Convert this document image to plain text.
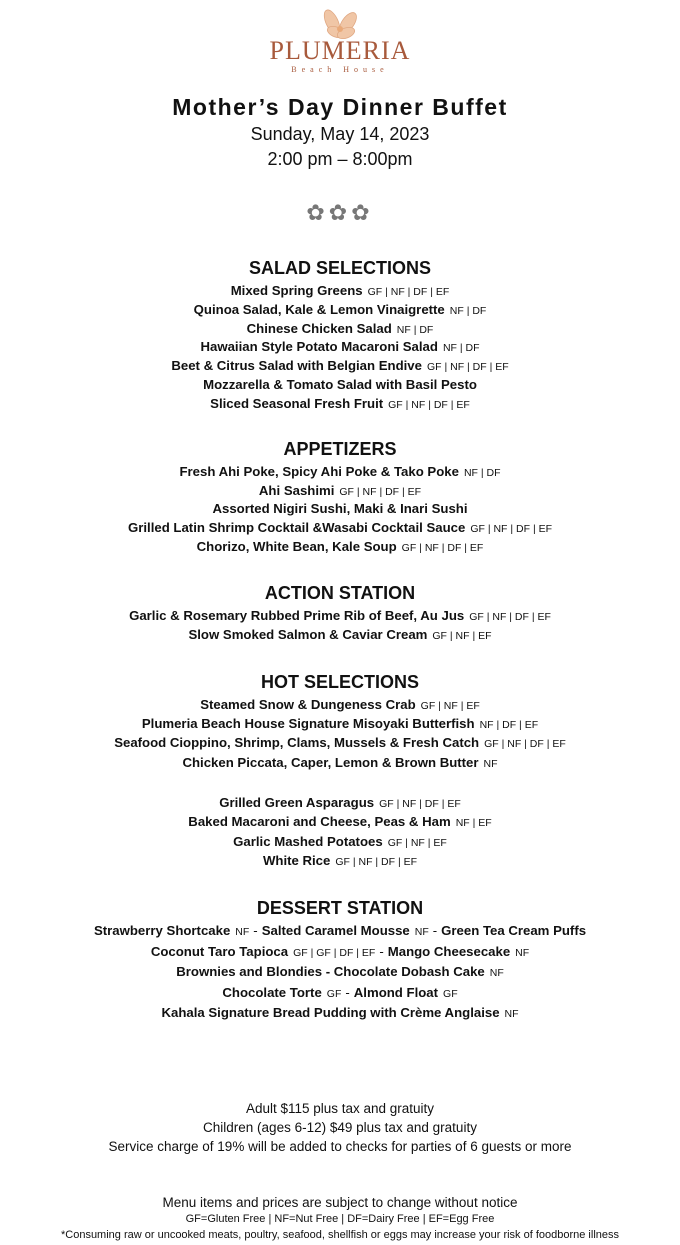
PLUMERIA
Beach House
Mother’s Day Dinner Buffet
Sunday, May 14, 2023
2:00 pm – 8:00pm
✿✿✿
SALAD SELECTIONS
Mixed Spring Greens GF | NF | DF | EF
Quinoa Salad, Kale & Lemon Vinaigrette NF | DF
Chinese Chicken Salad NF | DF
Hawaiian Style Potato Macaroni Salad NF | DF
Beet & Citrus Salad with Belgian Endive GF | NF | DF | EF
Mozzarella & Tomato Salad with Basil Pesto
Sliced Seasonal Fresh Fruit GF | NF | DF | EF
APPETIZERS
Fresh Ahi Poke, Spicy Ahi Poke & Tako Poke NF | DF
Ahi Sashimi GF | NF | DF | EF
Assorted Nigiri Sushi, Maki & Inari Sushi
Grilled Latin Shrimp Cocktail &Wasabi Cocktail Sauce GF | NF | DF | EF
Chorizo, White Bean, Kale Soup GF | NF | DF | EF
ACTION STATION
Garlic & Rosemary Rubbed Prime Rib of Beef, Au Jus GF | NF | DF | EF
Slow Smoked Salmon & Caviar Cream GF | NF | EF
HOT SELECTIONS
Steamed Snow & Dungeness Crab GF | NF | EF
Plumeria Beach House Signature Misoyaki Butterfish NF | DF | EF
Seafood Cioppino, Shrimp, Clams, Mussels & Fresh Catch GF | NF | DF | EF
Chicken Piccata, Caper, Lemon & Brown Butter NF
Grilled Green Asparagus GF | NF | DF | EF
Baked Macaroni and Cheese, Peas & Ham NF | EF
Garlic Mashed Potatoes GF | NF | EF
White Rice GF | NF | DF | EF
DESSERT STATION
Strawberry Shortcake NF - Salted Caramel Mousse NF - Green Tea Cream Puffs
Coconut Taro Tapioca GF | GF | DF | EF - Mango Cheesecake NF
Brownies and Blondies - Chocolate Dobash Cake NF
Chocolate Torte GF - Almond Float GF
Kahala Signature Bread Pudding with Crème Anglaise NF
Adult $115 plus tax and gratuity
Children (ages 6-12) $49 plus tax and gratuity
Service charge of 19% will be added to checks for parties of 6 guests or more
Menu items and prices are subject to change without notice
GF=Gluten Free | NF=Nut Free | DF=Dairy Free | EF=Egg Free
*Consuming raw or uncooked meats, poultry, seafood, shellfish or eggs may increase your risk of foodborne illness
